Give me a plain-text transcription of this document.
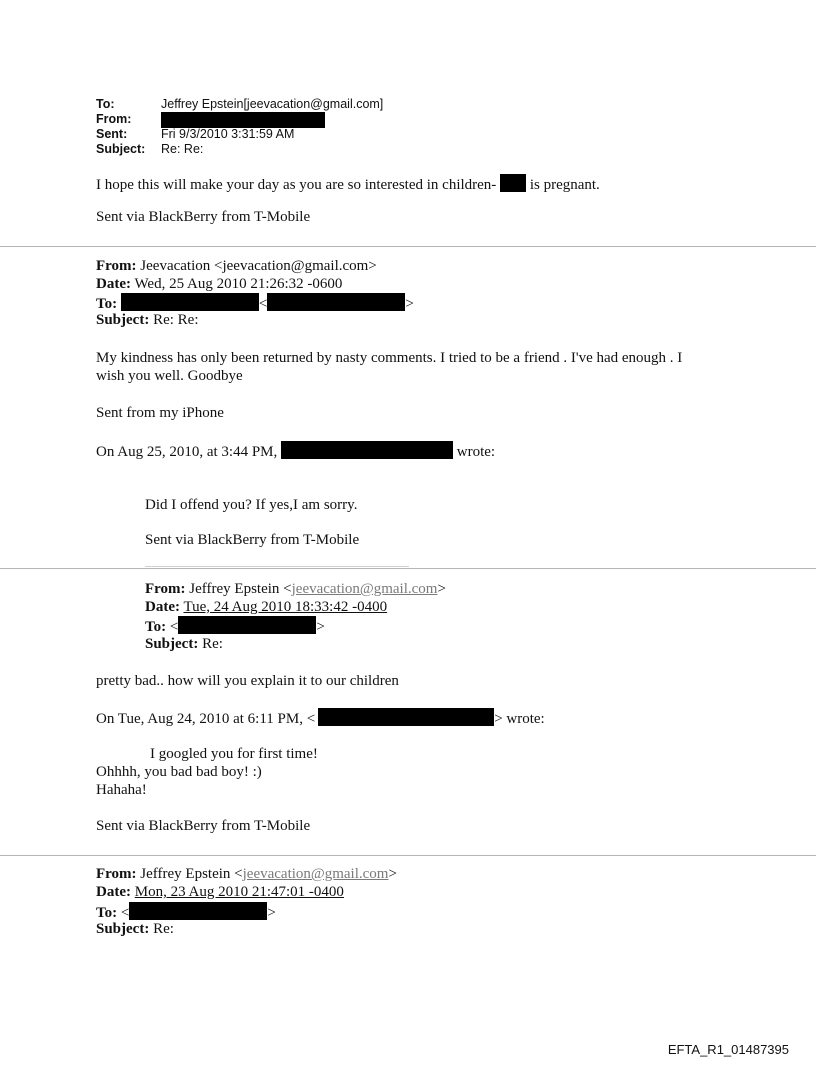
To:	Jeffrey Epstein[jeevacation@gmail.com]
From:
Sent:	Fri 9/3/2010 3:31:59 AM
Subject: Re: Re:
I hope this will make your day as you are so interested in children- is pregnant.
Sent via BlackBerry from T-Mobile
From: Jeevacation <jeevacation@gmail.com>
Date: Wed, 25 Aug 2010 21:26:32 -0600
To:	<	>
Subject: Re: Re:
My kindness has only been returned by nasty comments. I tried to be a friend . I've had enough . I
wish you well. Goodbye
Sent from my iPhone
On Aug 25, 2010, at 3:44 PM,	wrote:
Did I offend you? If yes,I am sorry.
Sent via BlackBerry from T-Mobile
From: Jeffrey Epstein <jeevacation@gmail.com>
Date: Tue, 24 Aug 2010 18:33:42 -0400
To: <	>
Subject: Re:
pretty bad.. how will you explain it to our children
On Tue, Aug 24, 2010 at 6:11 PM, <	> wrote:
I googled you for first time!
Ohhhh, you bad bad boy! :)
Hahaha!
Sent via BlackBerry from T-Mobile
From: Jeffrey Epstein <jeevacation@gmail.com>
Date: Mon, 23 Aug 2010 21:47:01 -0400
To: <	>
Subject: Re:
EFTA_R1_01487395
